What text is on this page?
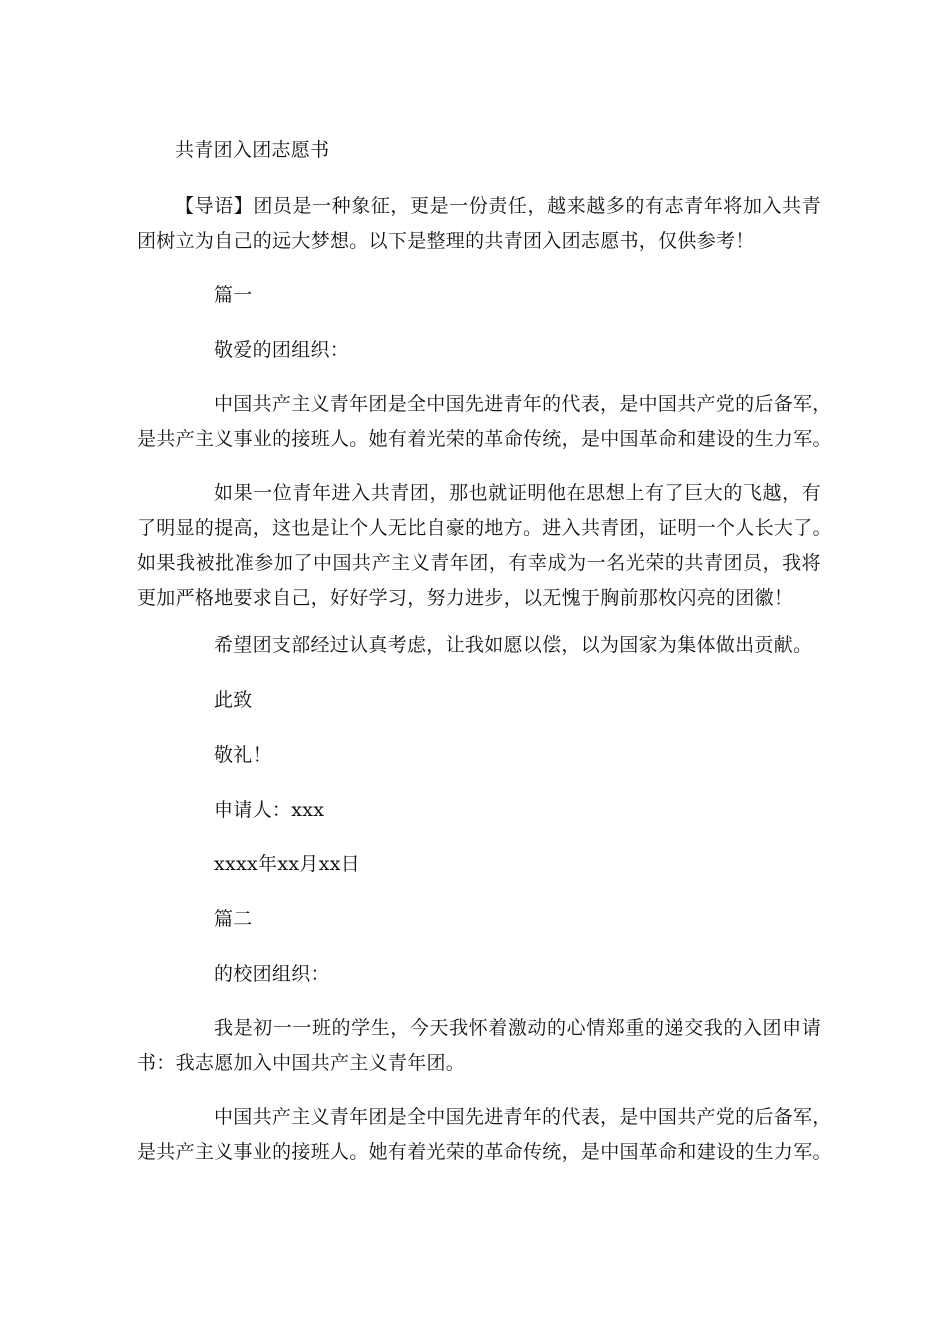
共青团入团志愿书
【导语】团员是一种象征，更是一份责任，越来越多的有志青年将加入共青
团树立为自己的远大梦想。以下是整理的共青团入团志愿书，仅供参考！
篇一
敬爱的团组织：
中国共产主义青年团是全中国先进青年的代表，是中国共产党的后备军，
是共产主义事业的接班人。她有着光荣的革命传统，是中国革命和建设的生力军。
如果一位青年进入共青团，那也就证明他在思想上有了巨大的飞越，有
了明显的提高，这也是让个人无比自豪的地方。进入共青团，证明一个人长大了。
如果我被批准参加了中国共产主义青年团，有幸成为一名光荣的共青团员，我将
更加严格地要求自己，好好学习，努力进步，以无愧于胸前那枚闪亮的团徽！
希望团支部经过认真考虑，让我如愿以偿，以为国家为集体做出贡献。
此致
敬礼！
申请人：xxx
xxxx年xx月xx日
篇二
的校团组织：
我是初一一班的学生，今天我怀着激动的心情郑重的递交我的入团申请
书：我志愿加入中国共产主义青年团。
中国共产主义青年团是全中国先进青年的代表，是中国共产党的后备军，
是共产主义事业的接班人。她有着光荣的革命传统，是中国革命和建设的生力军。
